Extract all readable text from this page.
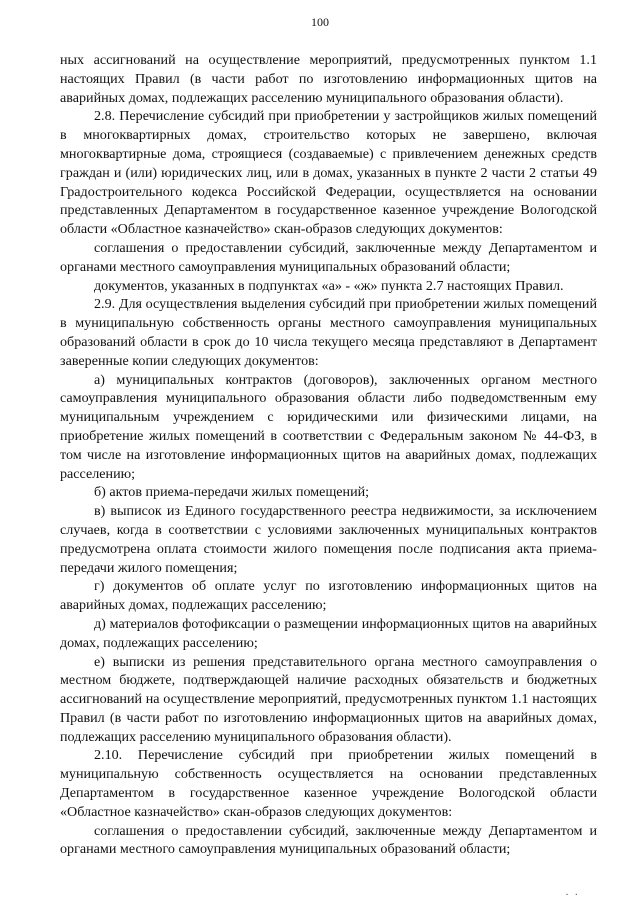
100

ных ассигнований на осуществление мероприятий, предусмотренных пунктом 1.1 настоящих Правил (в части работ по изготовлению информационных щитов на аварийных домах, подлежащих расселению муниципального образования области).

2.8. Перечисление субсидий при приобретении у застройщиков жилых помещений в многоквартирных домах, строительство которых не завершено, включая многоквартирные дома, строящиеся (создаваемые) с привлечением денежных средств граждан и (или) юридических лиц, или в домах, указанных в пункте 2 части 2 статьи 49 Градостроительного кодекса Российской Федерации, осуществляется на основании представленных Департаментом в государственное казенное учреждение Вологодской области «Областное казначейство» скан-образов следующих документов:

соглашения о предоставлении субсидий, заключенные между Департаментом и органами местного самоуправления муниципальных образований области;

документов, указанных в подпунктах «а» - «ж» пункта 2.7 настоящих Правил.

2.9. Для осуществления выделения субсидий при приобретении жилых помещений в муниципальную собственность органы местного самоуправления муниципальных образований области в срок до 10 числа текущего месяца представляют в Департамент заверенные копии следующих документов:

а) муниципальных контрактов (договоров), заключенных органом местного самоуправления муниципального образования области либо подведомственным ему муниципальным учреждением с юридическими или физическими лицами, на приобретение жилых помещений в соответствии с Федеральным законом № 44-ФЗ, в том числе на изготовление информационных щитов на аварийных домах, подлежащих расселению;

б) актов приема-передачи жилых помещений;

в) выписок из Единого государственного реестра недвижимости, за исключением случаев, когда в соответствии с условиями заключенных муниципальных контрактов предусмотрена оплата стоимости жилого помещения после подписания акта приема-передачи жилого помещения;

г) документов об оплате услуг по изготовлению информационных щитов на аварийных домах, подлежащих расселению;

д) материалов фотофиксации о размещении информационных щитов на аварийных домах, подлежащих расселению;

е) выписки из решения представительного органа местного самоуправления о местном бюджете, подтверждающей наличие расходных обязательств и бюджетных ассигнований на осуществление мероприятий, предусмотренных пунктом 1.1 настоящих Правил (в части работ по изготовлению информационных щитов на аварийных домах, подлежащих расселению муниципального образования области).

2.10. Перечисление субсидий при приобретении жилых помещений в муниципальную собственность осуществляется на основании представленных Департаментом в государственное казенное учреждение Вологодской области «Областное казначейство» скан-образов следующих документов:

соглашения о предоставлении субсидий, заключенные между Департаментом и органами местного самоуправления муниципальных образований области;

·​·
